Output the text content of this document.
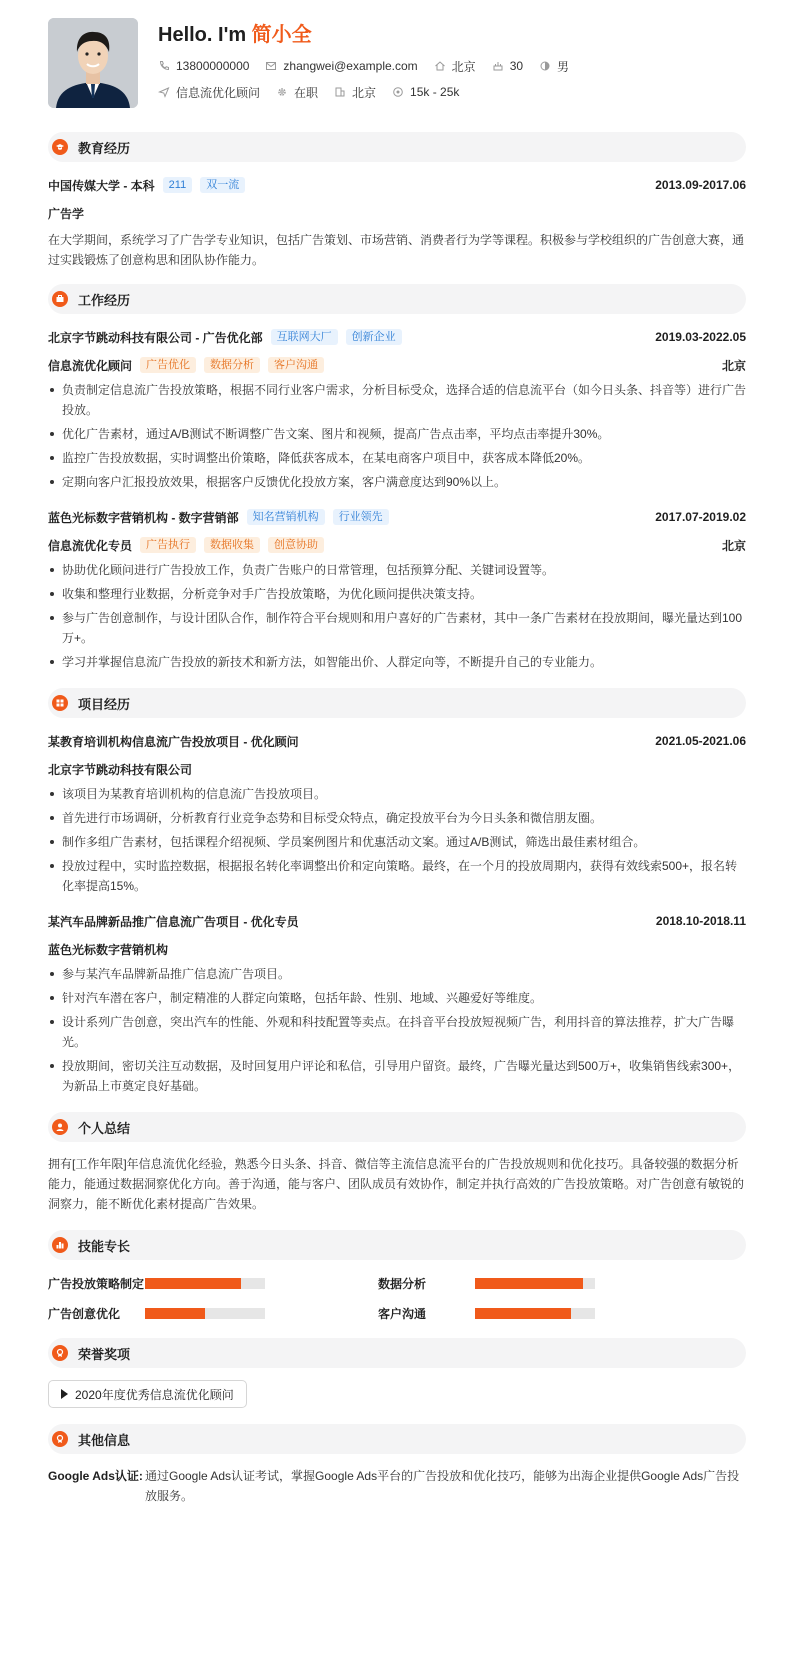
Hello. I'm 简小全
13800000000	zhangwei@example.com	北京	30	男
信息流优化顾问	在职	北京	15k - 25k
教育经历
中国传媒大学 - 本科	211	双一流	2013.09-2017.06
广告学
在大学期间，系统学习了广告学专业知识，包括广告策划、市场营销、消费者行为学等课程。积极参与学校组织的广告创意大赛，通过实践锻炼了创意构思和团队协作能力。
工作经历
北京字节跳动科技有限公司 - 广告优化部	互联网大厂	创新企业	2019.03-2022.05
信息流优化顾问	广告优化	数据分析	客户沟通	北京
负责制定信息流广告投放策略，根据不同行业客户需求，分析目标受众，选择合适的信息流平台（如今日头条、抖音等）进行广告投放。
优化广告素材，通过A/B测试不断调整广告文案、图片和视频，提高广告点击率，平均点击率提升30%。
监控广告投放数据，实时调整出价策略，降低获客成本，在某电商客户项目中，获客成本降低20%。
定期向客户汇报投放效果，根据客户反馈优化投放方案，客户满意度达到90%以上。
蓝色光标数字营销机构 - 数字营销部	知名营销机构	行业领先	2017.07-2019.02
信息流优化专员	广告执行	数据收集	创意协助	北京
协助优化顾问进行广告投放工作，负责广告账户的日常管理，包括预算分配、关键词设置等。
收集和整理行业数据，分析竞争对手广告投放策略，为优化顾问提供决策支持。
参与广告创意制作，与设计团队合作，制作符合平台规则和用户喜好的广告素材，其中一条广告素材在投放期间，曝光量达到100万+。
学习并掌握信息流广告投放的新技术和新方法，如智能出价、人群定向等，不断提升自己的专业能力。
项目经历
某教育培训机构信息流广告投放项目 - 优化顾问	2021.05-2021.06
北京字节跳动科技有限公司
该项目为某教育培训机构的信息流广告投放项目。
首先进行市场调研，分析教育行业竞争态势和目标受众特点，确定投放平台为今日头条和微信朋友圈。
制作多组广告素材，包括课程介绍视频、学员案例图片和优惠活动文案。通过A/B测试，筛选出最佳素材组合。
投放过程中，实时监控数据，根据报名转化率调整出价和定向策略。最终，在一个月的投放周期内，获得有效线索500+，报名转化率提高15%。
某汽车品牌新品推广信息流广告项目 - 优化专员	2018.10-2018.11
蓝色光标数字营销机构
参与某汽车品牌新品推广信息流广告项目。
针对汽车潜在客户，制定精准的人群定向策略，包括年龄、性别、地域、兴趣爱好等维度。
设计系列广告创意，突出汽车的性能、外观和科技配置等卖点。在抖音平台投放短视频广告，利用抖音的算法推荐，扩大广告曝光。
投放期间，密切关注互动数据，及时回复用户评论和私信，引导用户留资。最终，广告曝光量达到500万+，收集销售线索300+，为新品上市奠定良好基础。
个人总结
拥有[工作年限]年信息流优化经验，熟悉今日头条、抖音、微信等主流信息流平台的广告投放规则和优化技巧。具备较强的数据分析能力，能通过数据洞察优化方向。善于沟通，能与客户、团队成员有效协作，制定并执行高效的广告投放策略。对广告创意有敏锐的洞察力，能不断优化素材提高广告效果。
技能专长
广告投放策略制定	数据分析
广告创意优化	客户沟通
荣誉奖项
2020年度优秀信息流优化顾问
其他信息
Google Ads认证: 通过Google Ads认证考试，掌握Google Ads平台的广告投放和优化技巧，能够为出海企业提供Google Ads广告投放服务。
